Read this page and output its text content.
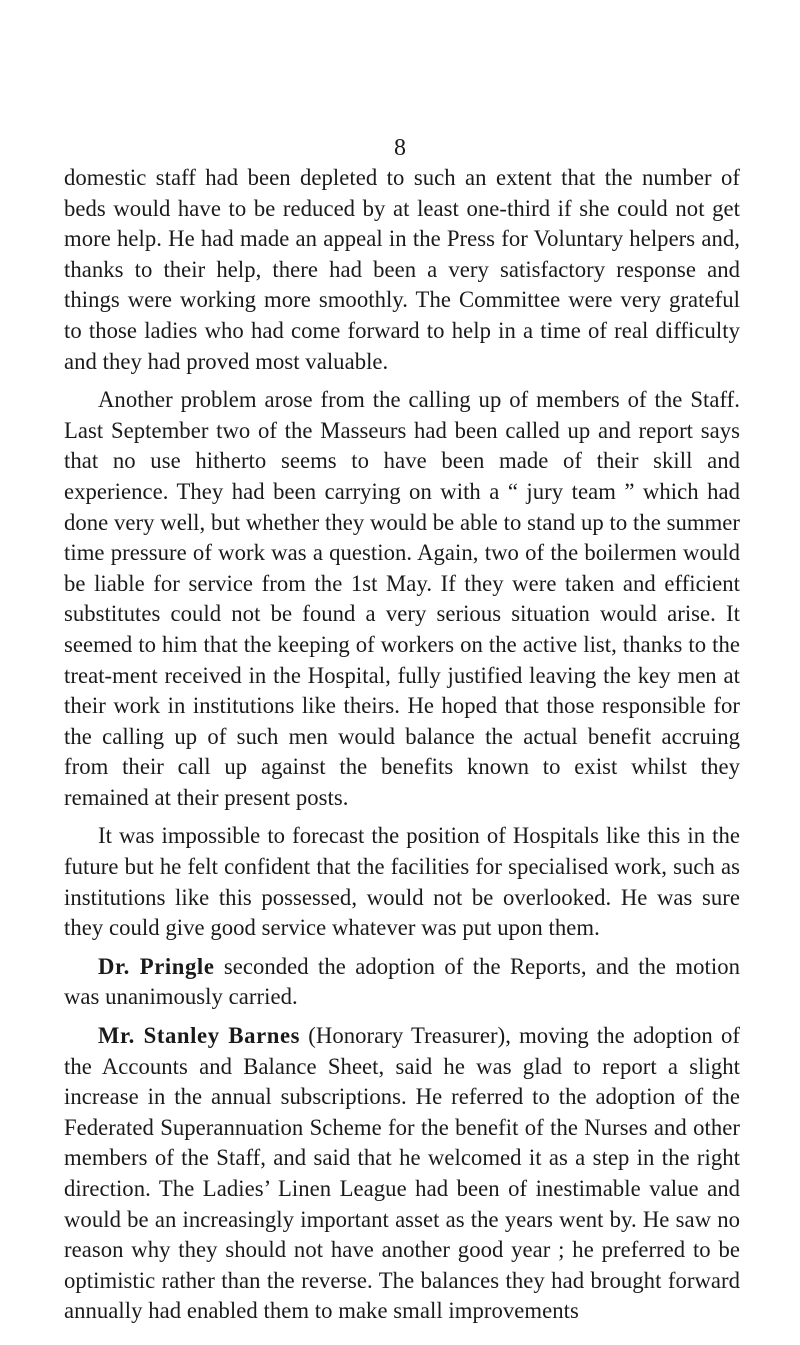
8

domestic staff had been depleted to such an extent that the number of beds would have to be reduced by at least one-third if she could not get more help. He had made an appeal in the Press for Voluntary helpers and, thanks to their help, there had been a very satisfactory response and things were working more smoothly. The Committee were very grateful to those ladies who had come forward to help in a time of real difficulty and they had proved most valuable.

Another problem arose from the calling up of members of the Staff. Last September two of the Masseurs had been called up and report says that no use hitherto seems to have been made of their skill and experience. They had been carrying on with a “ jury team ” which had done very well, but whether they would be able to stand up to the summer time pressure of work was a question. Again, two of the boilermen would be liable for service from the 1st May. If they were taken and efficient substitutes could not be found a very serious situation would arise. It seemed to him that the keeping of workers on the active list, thanks to the treat-ment received in the Hospital, fully justified leaving the key men at their work in institutions like theirs. He hoped that those responsible for the calling up of such men would balance the actual benefit accruing from their call up against the benefits known to exist whilst they remained at their present posts.

It was impossible to forecast the position of Hospitals like this in the future but he felt confident that the facilities for specialised work, such as institutions like this possessed, would not be overlooked. He was sure they could give good service whatever was put upon them.

Dr. Pringle seconded the adoption of the Reports, and the motion was unanimously carried.

Mr. Stanley Barnes (Honorary Treasurer), moving the adoption of the Accounts and Balance Sheet, said he was glad to report a slight increase in the annual subscriptions. He referred to the adoption of the Federated Superannuation Scheme for the benefit of the Nurses and other members of the Staff, and said that he welcomed it as a step in the right direction. The Ladies’ Linen League had been of inestimable value and would be an increasingly important asset as the years went by. He saw no reason why they should not have another good year ; he preferred to be optimistic rather than the reverse. The balances they had brought forward annually had enabled them to make small improvements
